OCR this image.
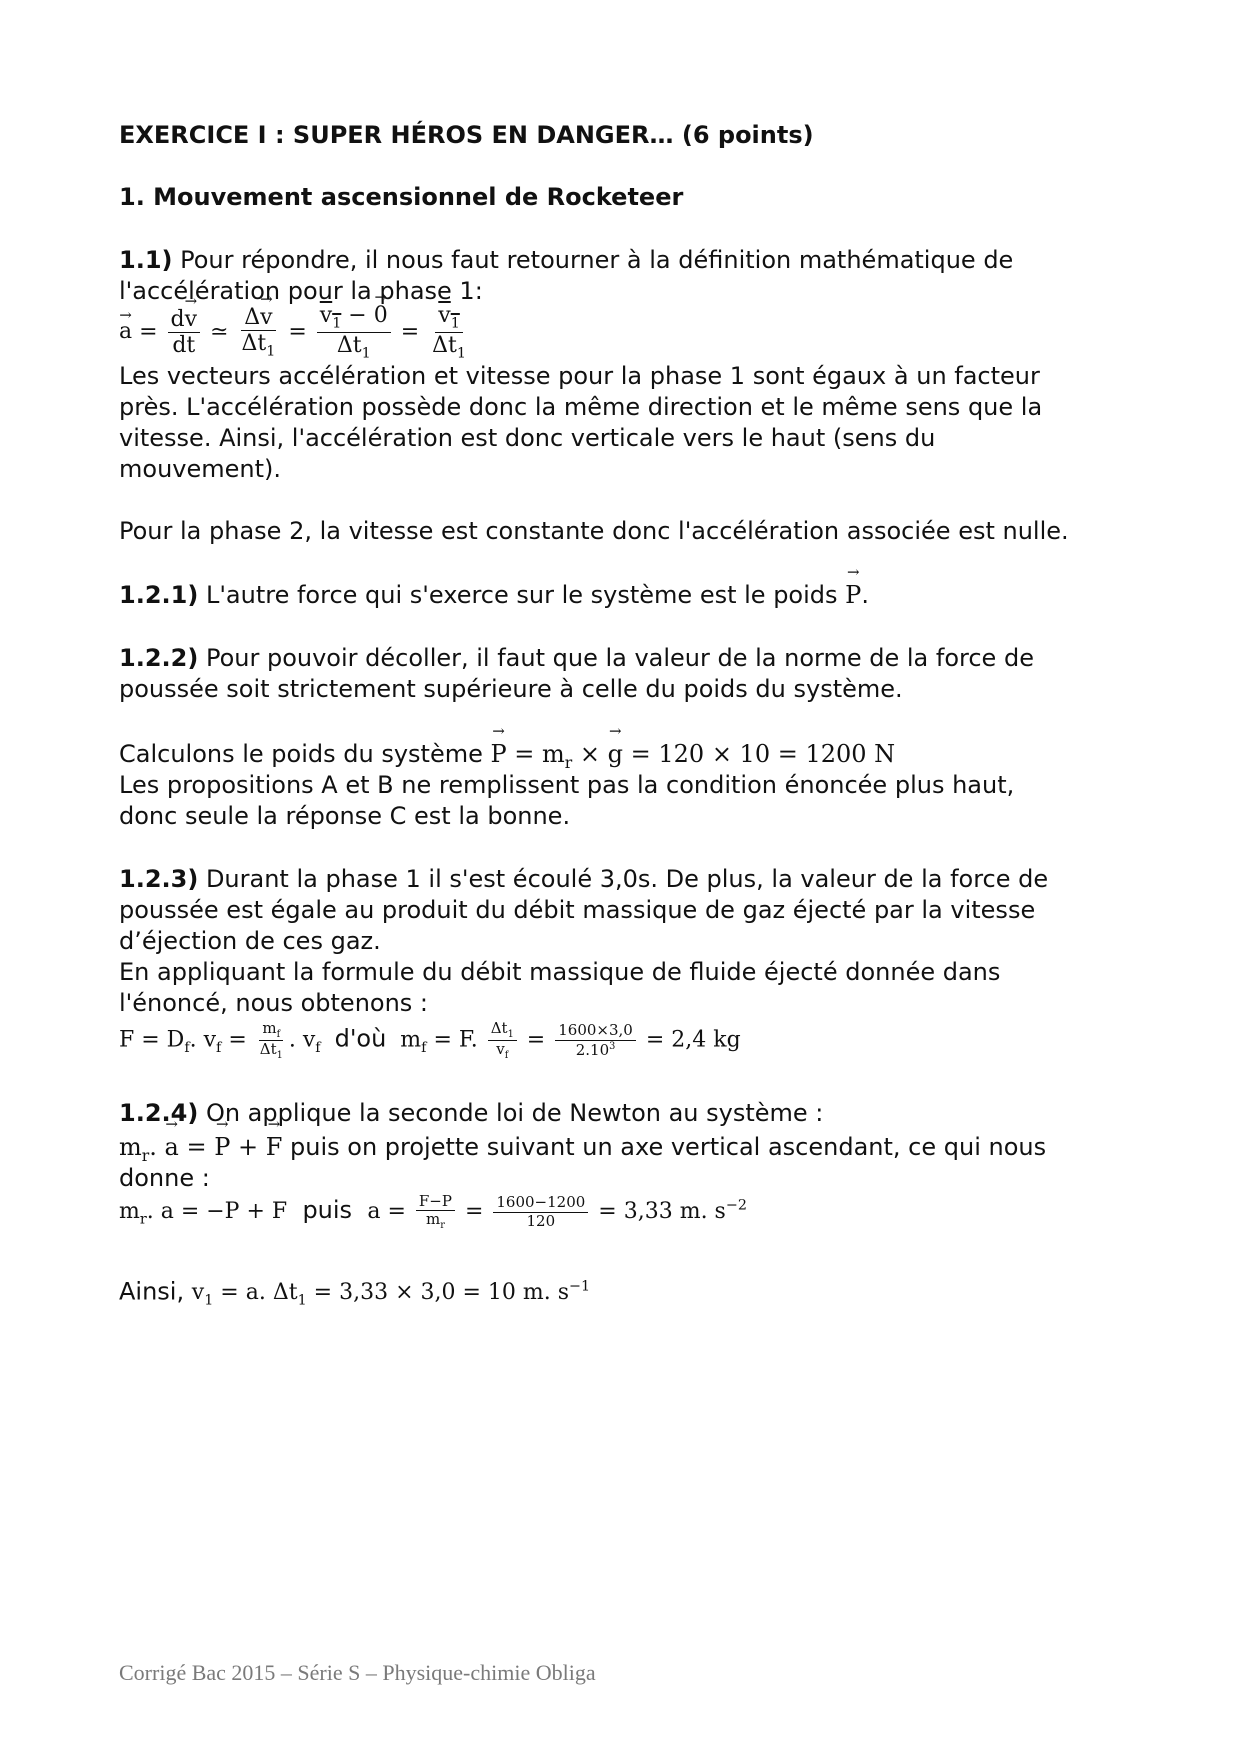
EXERCICE I : SUPER HÉROS EN DANGER… (6 points)
1. Mouvement ascensionnel de Rocketeer
1.1) Pour répondre, il nous faut retourner à la définition mathématique de
l'accélération pour la phase 1:
→ $a = \frac{d\to v}{dt}$ ≃ $\frac{\Delta\to v}{\Delta t_1} = \frac{v_1 - \to 0}{\Delta t_1} = \frac{v_1}{\Delta t_1}$
Les vecteurs accélération et vitesse pour la phase 1 sont égaux à un facteur
près. L'accélération possède donc la même direction et le même sens que la
vitesse. Ainsi, l'accélération est donc verticale vers le haut (sens du
mouvement).
Pour la phase 2, la vitesse est constante donc l'accélération associée est nulle.
1.2.1) L'autre force qui s'exerce sur le système est le poids → P.
1.2.2) Pour pouvoir décoller, il faut que la valeur de la norme de la force de
poussée soit strictement supérieure à celle du poids du système.
Calculons le poids du système → $P = m_r$ × → g = 120 × 10 = 1200 N
Les propositions A et B ne remplissent pas la condition énoncée plus haut,
donc seule la réponse C est la bonne.
1.2.3) Durant la phase 1 il s'est écoulé 3,0s. De plus, la valeur de la force de
poussée est égale au produit du débit massique de gaz éjecté par la vitesse
d’éjection de ces gaz.
En appliquant la formule du débit massique de fluide éjecté donnée dans
l'énoncé, nous obtenons :
$F = D_f$. $v_f = \frac{m_f}{\Delta t_1}$ . $v_f$ d'où  $m_f = F$. $\frac{\Delta t_1}{v_f} = \frac{1600\times 3,0}{2.10^3} = 2,4$ kg
1.2.4) On applique la seconde loi de Newton au système :
$m_r$. → a = → P + → F puis on projette suivant un axe vertical ascendant, ce qui nous
donne :
$m_r$. a = −P + F puis $a = \frac{F-P}{m_r} = \frac{1600-1200}{120} = 3,33$ m. $s^{-2}$
Ainsi, $v_1 = a$. $\Delta t_1 = 3,33 \times 3,0 = 10$ m. $s^{-1}$
Corrigé Bac 2015 – Série S – Physique-chimie Obliga
